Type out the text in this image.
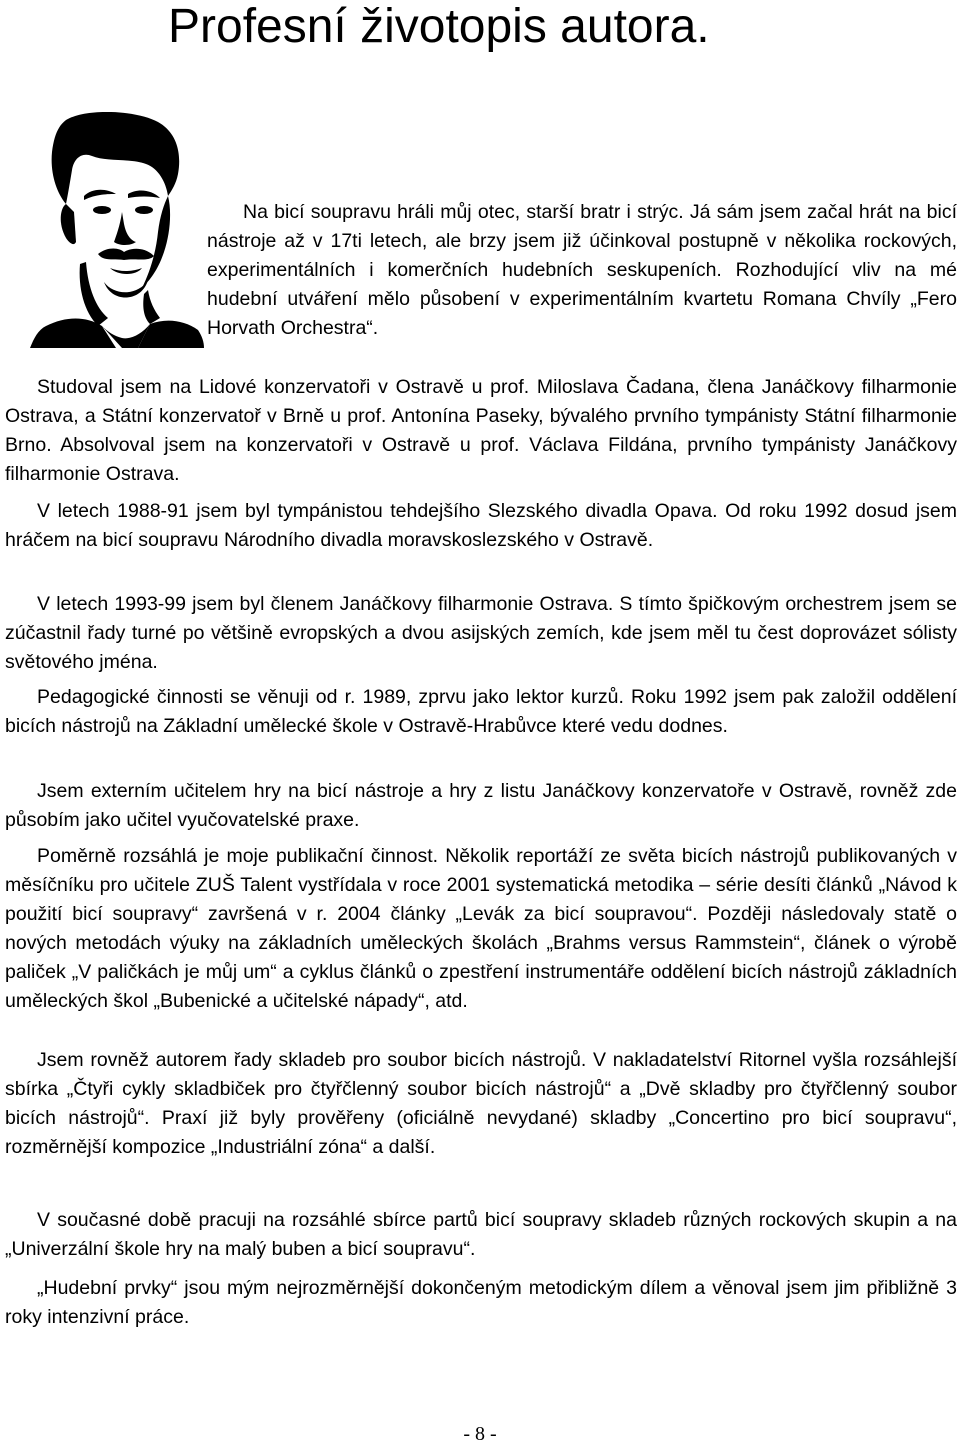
Profesní životopis autora.

Na bicí soupravu hráli můj otec, starší bratr i strýc. Já sám jsem začal hrát na bicí nástroje až v 17ti letech, ale brzy jsem již účinkoval postupně v několika rockových, experimentálních i komerčních hudebních seskupeních. Rozhodující vliv na mé hudební utváření mělo působení v experimentálním kvartetu Romana Chvíly „Fero Horvath Orchestra“.

Studoval jsem na Lidové konzervatoři v Ostravě u prof. Miloslava Čadana, člena Janáčkovy filharmonie Ostrava, a Státní konzervatoř v Brně u prof. Antonína Paseky, bývalého prvního tympánisty Státní filharmonie Brno. Absolvoval jsem na konzervatoři v Ostravě u prof. Václava Fildána, prvního tympánisty Janáčkovy filharmonie Ostrava.

V letech 1988-91 jsem byl tympánistou tehdejšího Slezského divadla Opava. Od roku 1992 dosud jsem hráčem na bicí soupravu Národního divadla moravskoslezského v Ostravě.

V letech 1993-99 jsem byl členem Janáčkovy filharmonie Ostrava. S tímto špičkovým orchestrem jsem se zúčastnil řady turné po většině evropských a dvou asijských zemích, kde jsem měl tu čest doprovázet sólisty světového jména.

Pedagogické činnosti se věnuji od r. 1989, zprvu jako lektor kurzů. Roku 1992 jsem pak založil oddělení bicích nástrojů na Základní umělecké škole v Ostravě-Hrabůvce které vedu dodnes.

Jsem externím učitelem hry na bicí nástroje a hry z listu Janáčkovy konzervatoře v Ostravě, rovněž zde působím jako učitel vyučovatelské praxe.

Poměrně rozsáhlá je moje publikační činnost. Několik reportáží ze světa bicích nástrojů publikovaných v měsíčníku pro učitele ZUŠ Talent vystřídala v roce 2001 systematická metodika – série desíti článků „Návod k použití bicí soupravy“ završená v r. 2004 články „Levák za bicí soupravou“. Později následovaly statě o nových metodách výuky na základních uměleckých školách „Brahms versus Rammstein“, článek o výrobě paliček „V paličkách je můj um“ a cyklus článků o zpestření instrumentáře oddělení bicích nástrojů základních uměleckých škol „Bubenické a učitelské nápady“, atd.

Jsem rovněž autorem řady skladeb pro soubor bicích nástrojů. V nakladatelství Ritornel vyšla rozsáhlejší sbírka „Čtyři cykly skladbiček pro čtyřčlenný soubor bicích nástrojů“ a „Dvě skladby pro čtyřčlenný soubor bicích nástrojů“. Praxí již byly prověřeny (oficiálně nevydané) skladby „Concertino pro bicí soupravu“, rozměrnější kompozice „Industriální zóna“ a další.

V současné době pracuji na rozsáhlé sbírce partů bicí soupravy skladeb různých rockových skupin a na „Univerzální škole hry na malý buben a bicí soupravu“.

„Hudební prvky“ jsou mým nejrozměrnější dokončeným metodickým dílem a věnoval jsem jim přibližně 3 roky intenzivní práce.

- 8 -
